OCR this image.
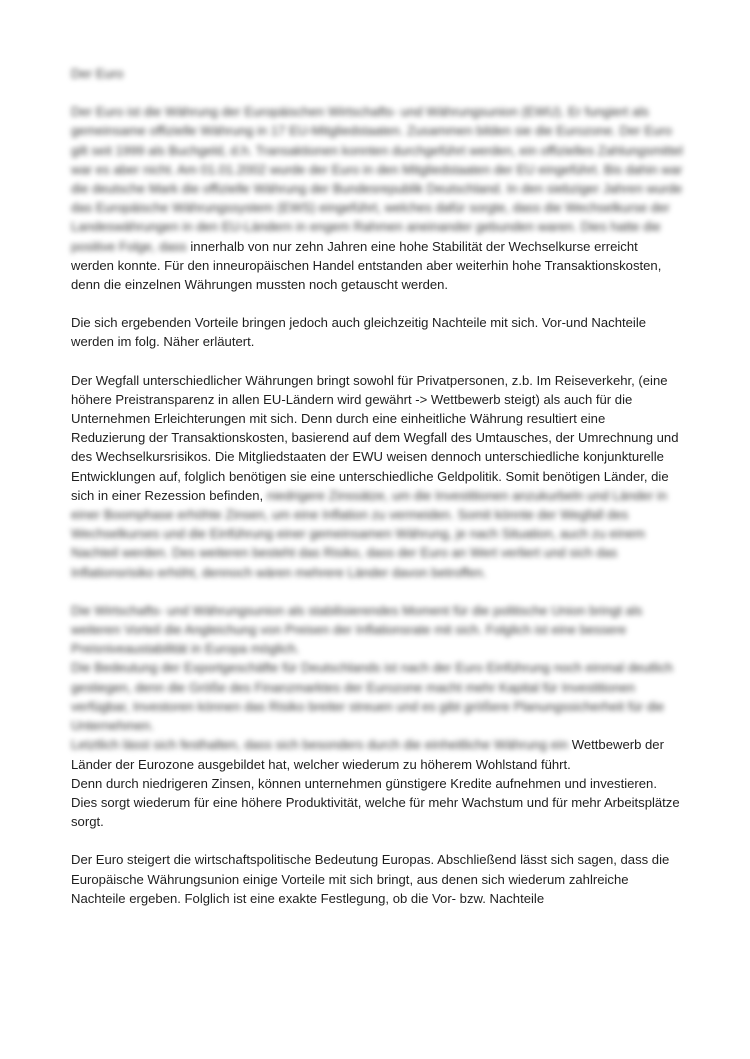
Der Euro

Der Euro ist die Währung der Europäischen Wirtschafts- und Währungsunion (EWU). Er fungiert als gemeinsame offizielle Währung in 17 EU-Mitgliedstaaten. Zusammen bilden sie die Eurozone. Der Euro gilt seit 1999 als Buchgeld, d.h. Transaktionen konnten durchgeführt werden, ein offizielles Zahlungsmittel war es aber nicht. Am 01.01.2002 wurde der Euro in den Mitgliedstaaten der EU eingeführt. Bis dahin war die deutsche Mark die offizielle Währung der Bundesrepublik Deutschland. In den siebziger Jahren wurde das Europäische Währungssystem (EWS) eingeführt, welches dafür sorgte, dass die Wechselkurse der Landeswährungen in den EU-Ländern in engem Rahmen aneinander gebunden waren. Dies hatte die positive Folge, dass innerhalb von nur zehn Jahren eine hohe Stabilität der Wechselkurse erreicht werden konnte. Für den inneuropäischen Handel entstanden aber weiterhin hohe Transaktionskosten, denn die einzelnen Währungen mussten noch getauscht werden.

Die sich ergebenden Vorteile bringen jedoch auch gleichzeitig Nachteile mit sich. Vor-und Nachteile werden im folg. Näher erläutert.

Der Wegfall unterschiedlicher Währungen bringt sowohl für Privatpersonen, z.b. Im Reiseverkehr, (eine höhere Preistransparenz in allen EU-Ländern wird gewährt -> Wettbewerb steigt) als auch für die Unternehmen Erleichterungen mit sich. Denn durch eine einheitliche Währung resultiert eine Reduzierung der Transaktionskosten, basierend auf dem Wegfall des Umtausches, der Umrechnung und des Wechselkursrisikos. Die Mitgliedstaaten der EWU weisen dennoch unterschiedliche konjunkturelle Entwicklungen auf, folglich benötigen sie eine unterschiedliche Geldpolitik. Somit benötigen Länder, die sich in einer Rezession befinden, niedrigere Zinssätze, um die Investitionen anzukurbeln und Länder in einer Boomphase erhöhte Zinsen, um eine Inflation zu vermeiden. Somit könnte der Wegfall des Wechselkurses und die Einführung einer gemeinsamen Währung, je nach Situation, auch zu einem Nachteil werden. Des weiteren besteht das Risiko, dass der Euro an Wert verliert und sich das Inflationsrisiko erhöht, dennoch wären mehrere Länder davon betroffen.

Die Wirtschafts- und Währungsunion als stabilisierendes Moment für die politische Union bringt als weiteren Vorteil die Angleichung von Preisen der Inflationsrate mit sich. Folglich ist eine bessere Preisniveaustabilität in Europa möglich.

Die Bedeutung der Exportgeschäfte für Deutschlands ist nach der Euro Einführung noch einmal deutlich gestiegen, denn die Größe des Finanzmarktes der Eurozone macht mehr Kapital für Investitionen verfügbar, Investoren können das Risiko breiter streuen und es gibt größere Planungssicherheit für die Unternehmen.

Letztlich lässt sich festhalten, dass sich besonders durch die einheitliche Währung ein Wettbewerb der Länder der Eurozone ausgebildet hat, welcher wiederum zu höherem Wohlstand führt.

Denn durch niedrigeren Zinsen, können unternehmen günstigere Kredite aufnehmen und investieren. Dies sorgt wiederum für eine höhere Produktivität, welche für mehr Wachstum und für mehr Arbeitsplätze sorgt.

Der Euro steigert die wirtschaftspolitische Bedeutung Europas. Abschließend lässt sich sagen, dass die Europäische Währungsunion einige Vorteile mit sich bringt, aus denen sich wiederum zahlreiche Nachteile ergeben. Folglich ist eine exakte Festlegung, ob die Vor- bzw. Nachteile
